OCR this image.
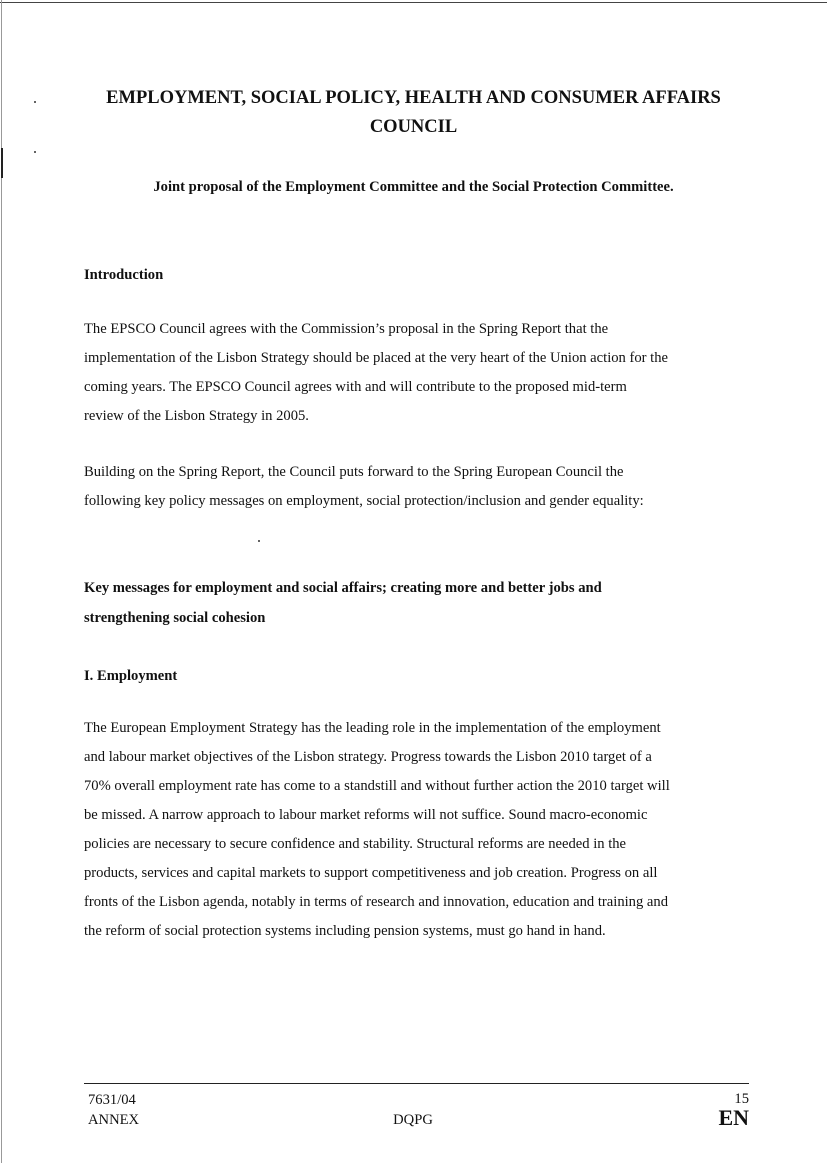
EMPLOYMENT, SOCIAL POLICY, HEALTH AND CONSUMER AFFAIRS
COUNCIL

Joint proposal of the Employment Committee and the Social Protection Committee.

Introduction

The EPSCO Council agrees with the Commission’s proposal in the Spring Report that the
implementation of the Lisbon Strategy should be placed at the very heart of the Union action for the
coming years. The EPSCO Council agrees with and will contribute to the proposed mid-term
review of the Lisbon Strategy in 2005.

Building on the Spring Report, the Council puts forward to the Spring European Council the
following key policy messages on employment, social protection/inclusion and gender equality:

Key messages for employment and social affairs; creating more and better jobs and
strengthening social cohesion
I. Employment

The European Employment Strategy has the leading role in the implementation of the employment
and labour market objectives of the Lisbon strategy. Progress towards the Lisbon 2010 target of a
70% overall employment rate has come to a standstill and without further action the 2010 target will
be missed. A narrow approach to labour market reforms will not suffice. Sound macro-economic
policies are necessary to secure confidence and stability. Structural reforms are needed in the
products, services and capital markets to support competitiveness and job creation. Progress on all
fronts of the Lisbon agenda, notably in terms of research and innovation, education and training and
the reform of social protection systems including pension systems, must go hand in hand.

7631/04

ANNEX	DQPG

15

EN
